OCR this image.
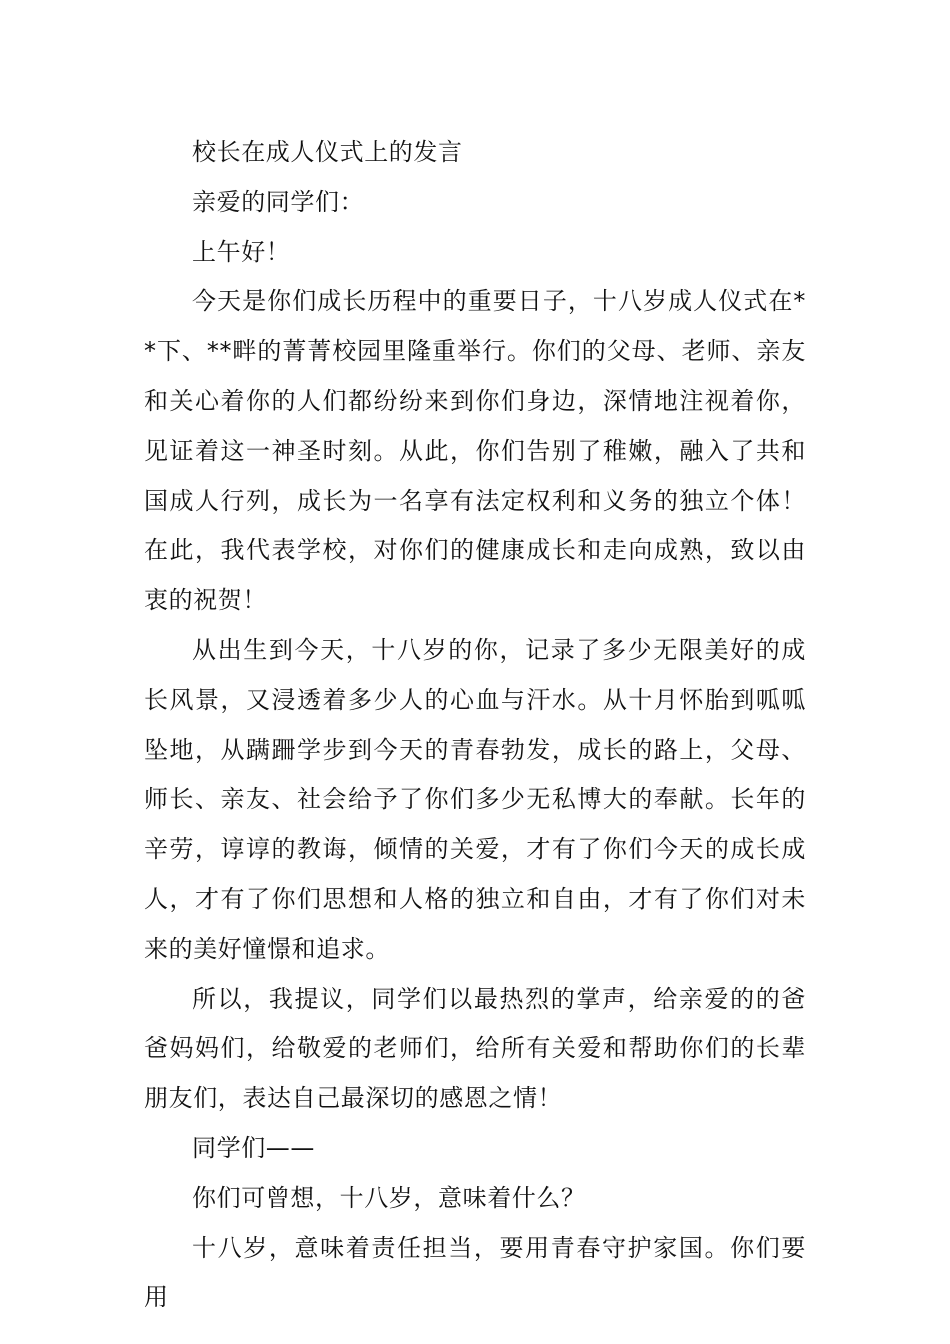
校长在成人仪式上的发言

亲爱的同学们：

上午好！

今天是你们成长历程中的重要日子，十八岁成人仪式在**下、**畔的菁菁校园里隆重举行。你们的父母、老师、亲友和关心着你的人们都纷纷来到你们身边，深情地注视着你，见证着这一神圣时刻。从此，你们告别了稚嫩，融入了共和国成人行列，成长为一名享有法定权利和义务的独立个体！在此，我代表学校，对你们的健康成长和走向成熟，致以由衷的祝贺！

从出生到今天，十八岁的你，记录了多少无限美好的成长风景，又浸透着多少人的心血与汗水。从十月怀胎到呱呱坠地，从蹒跚学步到今天的青春勃发，成长的路上，父母、师长、亲友、社会给予了你们多少无私博大的奉献。长年的辛劳，谆谆的教诲，倾情的关爱，才有了你们今天的成长成人，才有了你们思想和人格的独立和自由，才有了你们对未来的美好憧憬和追求。

所以，我提议，同学们以最热烈的掌声，给亲爱的的爸爸妈妈们，给敬爱的老师们，给所有关爱和帮助你们的长辈朋友们，表达自己最深切的感恩之情！

同学们——

你们可曾想，十八岁，意味着什么？

十八岁，意味着责任担当，要用青春守护家国。你们要用
